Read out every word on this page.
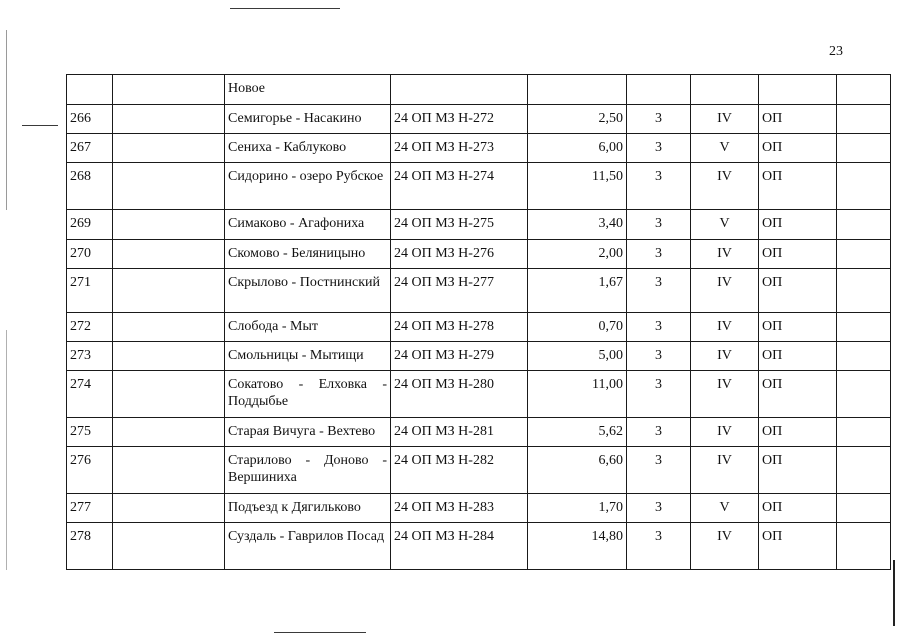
23
		Новое						
266		Семигорье - Насакино	24 ОП МЗ Н-272	2,50	3	IV	ОП	
267		Сениха - Каблуково	24 ОП МЗ Н-273	6,00	3	V	ОП	
268		Сидорино - озеро Рубское	24 ОП МЗ Н-274	11,50	3	IV	ОП	
269		Симаково - Агафониха	24 ОП МЗ Н-275	3,40	3	V	ОП	
270		Скомово - Беляницыно	24 ОП МЗ Н-276	2,00	3	IV	ОП	
271		Скрылово - Постнинский	24 ОП МЗ Н-277	1,67	3	IV	ОП	
272		Слобода - Мыт	24 ОП МЗ Н-278	0,70	3	IV	ОП	
273		Смольницы - Мытищи	24 ОП МЗ Н-279	5,00	3	IV	ОП	
274		Сокатово - Елховка - Поддыбье	24 ОП МЗ Н-280	11,00	3	IV	ОП	
275		Старая Вичуга - Вехтево	24 ОП МЗ Н-281	5,62	3	IV	ОП	
276		Старилово - Доново - Вершиниха	24 ОП МЗ Н-282	6,60	3	IV	ОП	
277		Подъезд к Дягильково	24 ОП МЗ Н-283	1,70	3	V	ОП	
278		Суздаль - Гаврилов Посад	24 ОП МЗ Н-284	14,80	3	IV	ОП	
